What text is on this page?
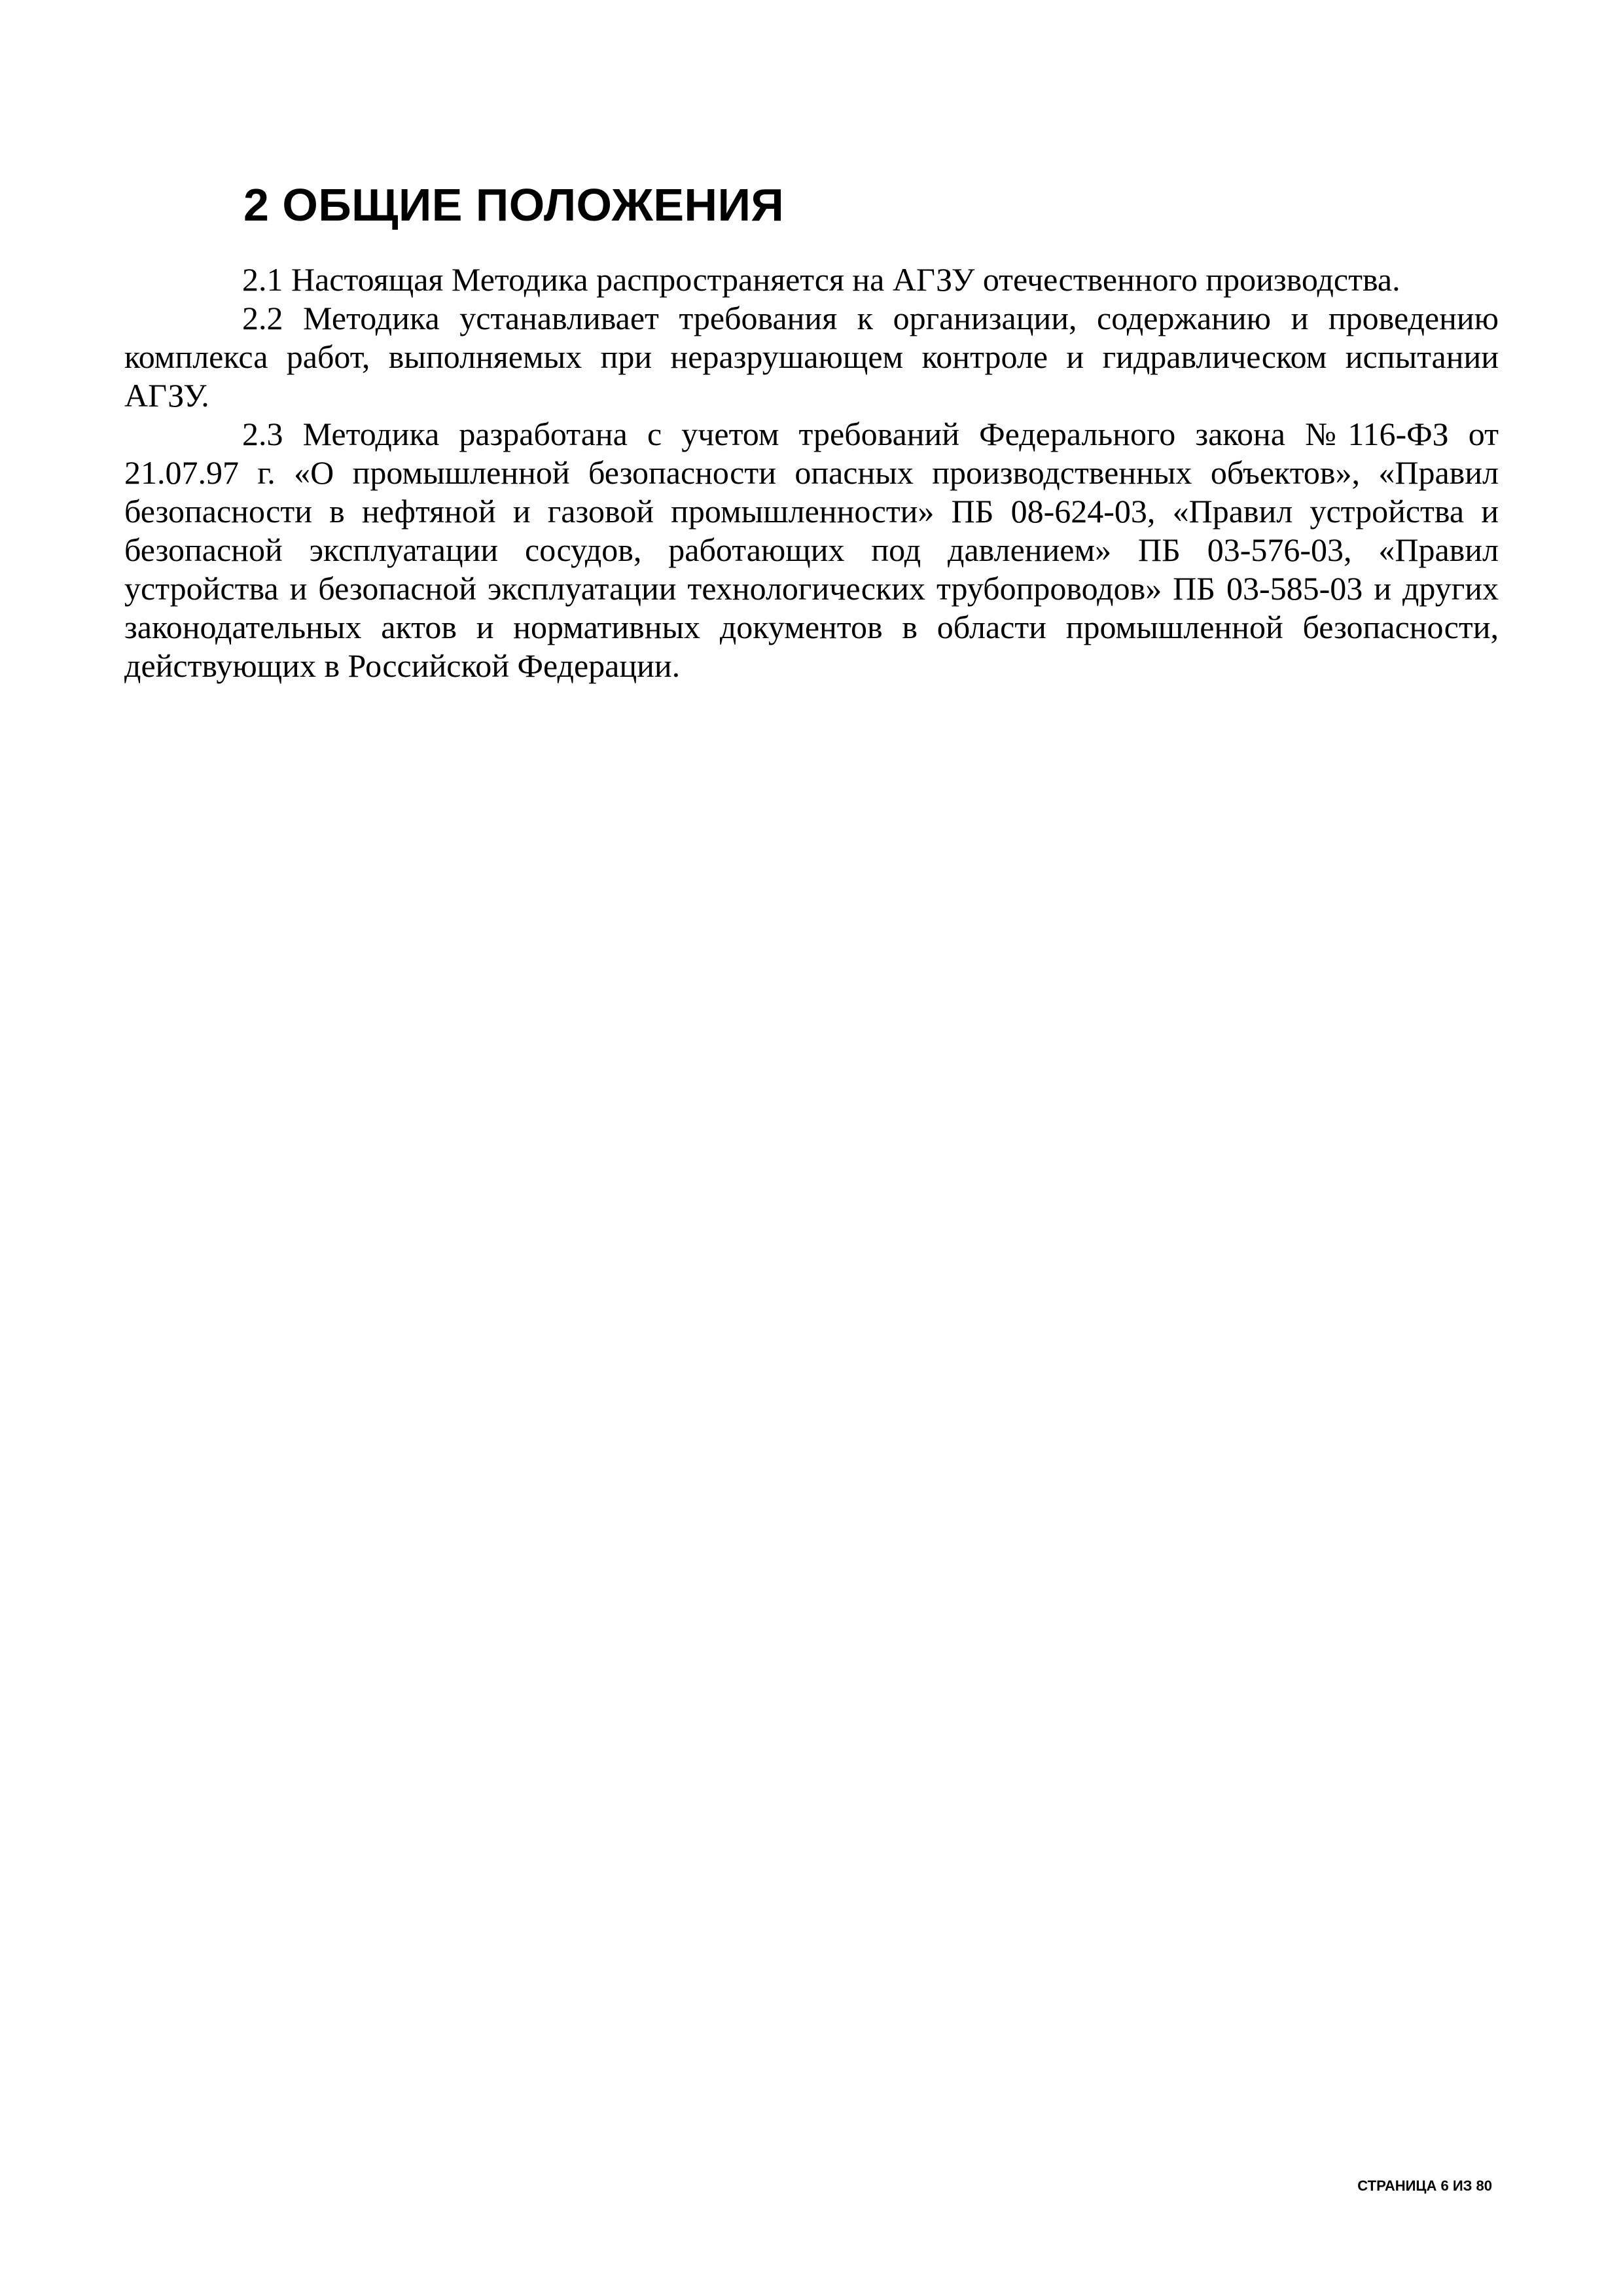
2 ОБЩИЕ ПОЛОЖЕНИЯ

2.1 Настоящая Методика распространяется на АГЗУ отечественного производства.

2.2 Методика устанавливает требования к организации, содержанию и проведению комплекса работ, выполняемых при неразрушающем контроле и гидравлическом испытании АГЗУ.

2.3 Методика разработана с учетом требований Федерального закона №116-ФЗ от 21.07.97 г. «О промышленной безопасности опасных производственных объектов», «Правил безопасности в нефтяной и газовой промышленности» ПБ 08-624-03, «Правил устройства и безопасной эксплуатации сосудов, работающих под давлением» ПБ 03-576-03, «Правил устройства и безопасной эксплуатации технологических трубопроводов» ПБ 03-585-03 и других законодательных актов и нормативных документов в области промышленной безопасности, действующих в Российской Федерации.

СТРАНИЦА 6 ИЗ 80
